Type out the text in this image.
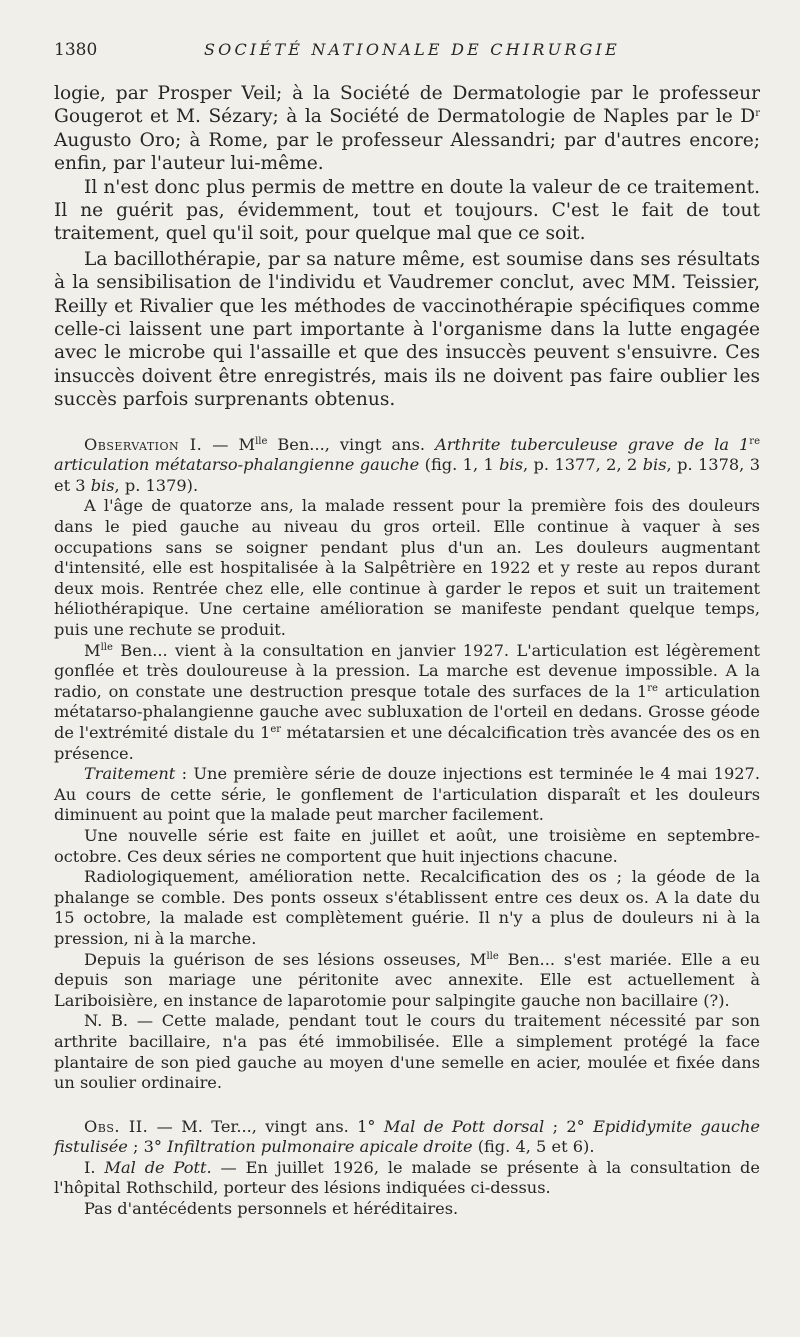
1380	SOCIÉTÉ NATIONALE DE CHIRURGIE

logie, par Prosper Veil; à la Société de Dermatologie par le professeur Gougerot et M. Sézary; à la Société de Dermatologie de Naples par le $D^r$ Augusto Oro; à Rome, par le professeur Alessandri; par d'autres encore; enfin, par l'auteur lui-même.

Il n'est donc plus permis de mettre en doute la valeur de ce traitement. Il ne guérit pas, évidemment, tout et toujours. C'est le fait de tout traitement, quel qu'il soit, pour quelque mal que ce soit.

La bacillothérapie, par sa nature même, est soumise dans ses résultats à la sensibilisation de l'individu et Vaudremer conclut, avec MM. Teissier, Reilly et Rivalier que les méthodes de vaccinothérapie spécifiques comme celle-ci laissent une part importante à l'organisme dans la lutte engagée avec le microbe qui l'assaille et que des insuccès peuvent s'ensuivre. Ces insuccès doivent être enregistrés, mais ils ne doivent pas faire oublier les succès parfois surprenants obtenus.

Observation I. — $M^{lle}$ Ben..., vingt ans. Arthrite tuberculeuse grave de la 1re articulation métatarso-phalangienne gauche (fig. 1, 1 bis, p. 1377, 2, 2 bis, p. 1378, 3 et 3 bis, p. 1379).

A l'âge de quatorze ans, la malade ressent pour la première fois des douleurs dans le pied gauche au niveau du gros orteil. Elle continue à vaquer à ses occupations sans se soigner pendant plus d'un an. Les douleurs augmentant d'intensité, elle est hospitalisée à la Salpêtrière en 1922 et y reste au repos durant deux mois. Rentrée chez elle, elle continue à garder le repos et suit un traitement héliothérapique. Une certaine amélioration se manifeste pendant quelque temps, puis une rechute se produit.

$M^{lle}$ Ben... vient à la consultation en janvier 1927. L'articulation est légèrement gonflée et très douloureuse à la pression. La marche est devenue impossible. A la radio, on constate une destruction presque totale des surfaces de la 1re articulation métatarso-phalangienne gauche avec subluxation de l'orteil en dedans. Grosse géode de l'extrémité distale du 1er métatarsien et une décalcification très avancée des os en présence.

Traitement : Une première série de douze injections est terminée le 4 mai 1927. Au cours de cette série, le gonflement de l'articulation disparaît et les douleurs diminuent au point que la malade peut marcher facilement.

Une nouvelle série est faite en juillet et août, une troisième en septembre-octobre. Ces deux séries ne comportent que huit injections chacune.

Radiologiquement, amélioration nette. Recalcification des os ; la géode de la phalange se comble. Des ponts osseux s'établissent entre ces deux os. A la date du 15 octobre, la malade est complètement guérie. Il n'y a plus de douleurs ni à la pression, ni à la marche.

Depuis la guérison de ses lésions osseuses, $M^{lle}$ Ben... s'est mariée. Elle a eu depuis son mariage une péritonite avec annexite. Elle est actuellement à Lariboisière, en instance de laparotomie pour salpingite gauche non bacillaire (?).

N. B. — Cette malade, pendant tout le cours du traitement nécessité par son arthrite bacillaire, n'a pas été immobilisée. Elle a simplement protégé la face plantaire de son pied gauche au moyen d'une semelle en acier, moulée et fixée dans un soulier ordinaire.

Obs. II. — M. Ter..., vingt ans. 1° Mal de Pott dorsal ; 2° Epididymite gauche fistulisée ; 3° Infiltration pulmonaire apicale droite (fig. 4, 5 et 6).

I. Mal de Pott. — En juillet 1926, le malade se présente à la consultation de l'hôpital Rothschild, porteur des lésions indiquées ci-dessus.

Pas d'antécédents personnels et héréditaires.
